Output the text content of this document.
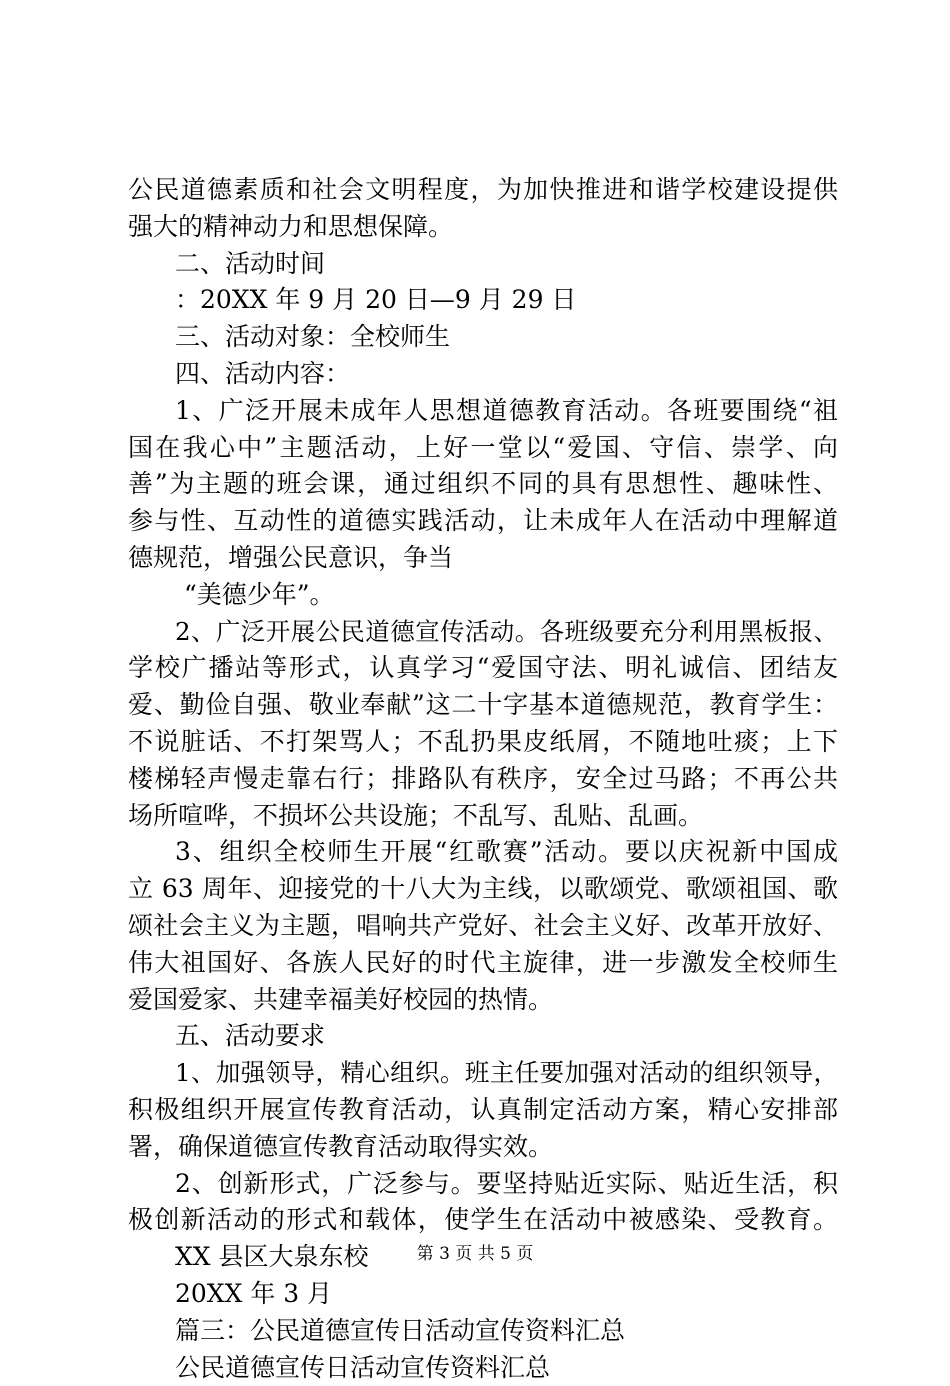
公民道德素质和社会文明程度，为加快推进和谐学校建设提供

强大的精神动力和思想保障。

二、活动时间

：20XX 年 9 月 20 日—9 月 29 日

三、活动对象：全校师生

四、活动内容：

1、广泛开展未成年人思想道德教育活动。各班要围绕“祖

国在我心中”主题活动，上好一堂以“爱国、守信、崇学、向

善”为主题的班会课，通过组织不同的具有思想性、趣味性、

参与性、互动性的道德实践活动，让未成年人在活动中理解道

德规范，增强公民意识，争当

“美德少年”。

2、广泛开展公民道德宣传活动。各班级要充分利用黑板报、

学校广播站等形式，认真学习“爱国守法、明礼诚信、团结友

爱、勤俭自强、敬业奉献”这二十字基本道德规范，教育学生：

不说脏话、不打架骂人；不乱扔果皮纸屑，不随地吐痰；上下

楼梯轻声慢走靠右行；排路队有秩序，安全过马路；不再公共

场所喧哗，不损坏公共设施；不乱写、乱贴、乱画。

3、组织全校师生开展“红歌赛”活动。要以庆祝新中国成

立 63 周年、迎接党的十八大为主线，以歌颂党、歌颂祖国、歌

颂社会主义为主题，唱响共产党好、社会主义好、改革开放好、

伟大祖国好、各族人民好的时代主旋律，进一步激发全校师生

爱国爱家、共建幸福美好校园的热情。

五、活动要求

1、加强领导，精心组织。班主任要加强对活动的组织领导，

积极组织开展宣传教育活动，认真制定活动方案，精心安排部

署，确保道德宣传教育活动取得实效。

2、创新形式，广泛参与。要坚持贴近实际、贴近生活，积

极创新活动的形式和载体，使学生在活动中被感染、受教育。

XX 县区大泉东校

20XX 年 3 月

篇三：公民道德宣传日活动宣传资料汇总

公民道德宣传日活动宣传资料汇总

第 3 页 共 5 页
